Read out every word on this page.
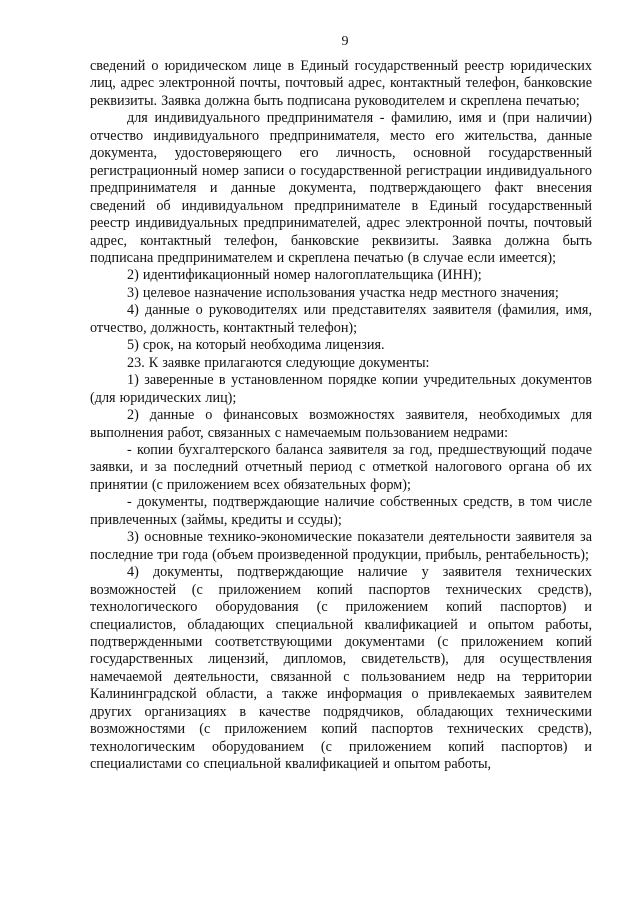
9

сведений о юридическом лице в Единый государственный реестр юридических лиц, адрес электронной почты, почтовый адрес, контактный телефон, банковские реквизиты. Заявка должна быть подписана руководителем и скреплена печатью;

для индивидуального предпринимателя - фамилию, имя и (при наличии) отчество индивидуального предпринимателя, место его жительства, данные документа, удостоверяющего его личность, основной государственный регистрационный номер записи о государственной регистрации индивидуального предпринимателя и данные документа, подтверждающего факт внесения сведений об индивидуальном предпринимателе в Единый государственный реестр индивидуальных предпринимателей, адрес электронной почты, почтовый адрес, контактный телефон, банковские реквизиты. Заявка должна быть подписана предпринимателем и скреплена печатью (в случае если имеется);

2) идентификационный номер налогоплательщика (ИНН);

3) целевое назначение использования участка недр местного значения;

4) данные о руководителях или представителях заявителя (фамилия, имя, отчество, должность, контактный телефон);

5) срок, на который необходима лицензия.

23. К заявке прилагаются следующие документы:

1) заверенные в установленном порядке копии учредительных документов (для юридических лиц);

2) данные о финансовых возможностях заявителя, необходимых для выполнения работ, связанных с намечаемым пользованием недрами:

- копии бухгалтерского баланса заявителя за год, предшествующий подаче заявки, и за последний отчетный период с отметкой налогового органа об их принятии (с приложением всех обязательных форм);

- документы, подтверждающие наличие собственных средств, в том числе привлеченных (займы, кредиты и ссуды);

3) основные технико-экономические показатели деятельности заявителя за последние три года (объем произведенной продукции, прибыль, рентабельность);

4) документы, подтверждающие наличие у заявителя технических возможностей (с приложением копий паспортов технических средств), технологического оборудования (с приложением копий паспортов) и специалистов, обладающих специальной квалификацией и опытом работы, подтвержденными соответствующими документами (с приложением копий государственных лицензий, дипломов, свидетельств), для осуществления намечаемой деятельности, связанной с пользованием недр на территории Калининградской области, а также информация о привлекаемых заявителем других организациях в качестве подрядчиков, обладающих техническими возможностями (с приложением копий паспортов технических средств), технологическим оборудованием (с приложением копий паспортов) и специалистами со специальной квалификацией и опытом работы,
